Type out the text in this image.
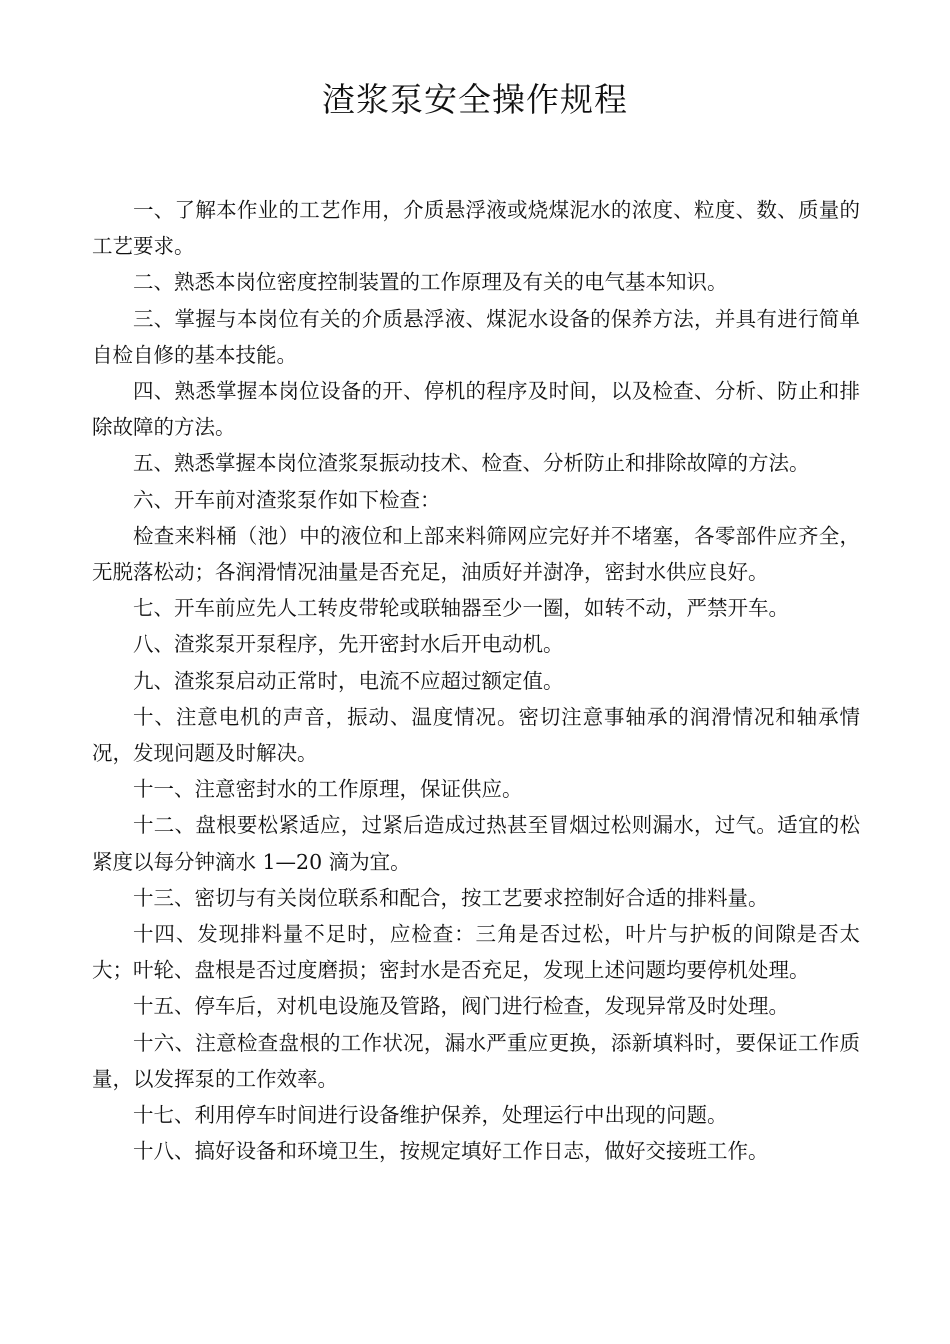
渣浆泵安全操作规程

一、了解本作业的工艺作用，介质悬浮液或烧煤泥水的浓度、粒度、数、质量的工艺要求。

二、熟悉本岗位密度控制装置的工作原理及有关的电气基本知识。

三、掌握与本岗位有关的介质悬浮液、煤泥水设备的保养方法，并具有进行简单自检自修的基本技能。

四、熟悉掌握本岗位设备的开、停机的程序及时间，以及检查、分析、防止和排除故障的方法。

五、熟悉掌握本岗位渣浆泵振动技术、检查、分析防止和排除故障的方法。

六、开车前对渣浆泵作如下检查：

检查来料桶（池）中的液位和上部来料筛网应完好并不堵塞，各零部件应齐全，无脱落松动；各润滑情况油量是否充足，油质好并澍净，密封水供应良好。

七、开车前应先人工转皮带轮或联轴器至少一圈，如转不动，严禁开车。

八、渣浆泵开泵程序，先开密封水后开电动机。

九、渣浆泵启动正常时，电流不应超过额定值。

十、注意电机的声音，振动、温度情况。密切注意事轴承的润滑情况和轴承情况，发现问题及时解决。

十一、注意密封水的工作原理，保证供应。

十二、盘根要松紧适应，过紧后造成过热甚至冒烟过松则漏水，过气。适宜的松紧度以每分钟滴水 1—20 滴为宜。

十三、密切与有关岗位联系和配合，按工艺要求控制好合适的排料量。

十四、发现排料量不足时，应检查：三角是否过松，叶片与护板的间隙是否太大；叶轮、盘根是否过度磨损；密封水是否充足，发现上述问题均要停机处理。

十五、停车后，对机电设施及管路，阀门进行检查，发现异常及时处理。

十六、注意检查盘根的工作状况，漏水严重应更换，添新填料时，要保证工作质量，以发挥泵的工作效率。

十七、利用停车时间进行设备维护保养，处理运行中出现的问题。

十八、搞好设备和环境卫生，按规定填好工作日志，做好交接班工作。
